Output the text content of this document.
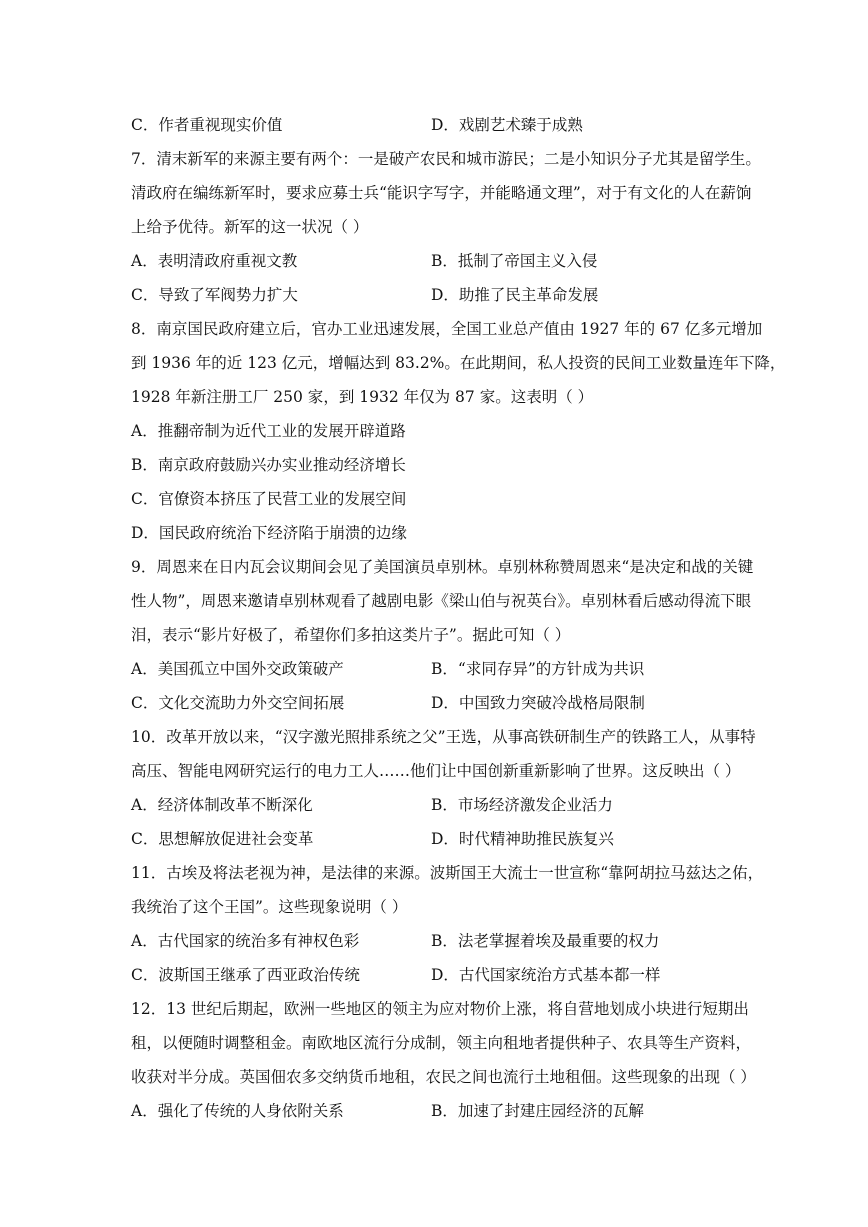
C．作者重视现实价值	D．戏剧艺术臻于成熟
7．清末新军的来源主要有两个：一是破产农民和城市游民；二是小知识分子尤其是留学生。
清政府在编练新军时，要求应募士兵“能识字写字，并能略通文理”，对于有文化的人在薪饷
上给予优待。新军的这一状况（ ）
A．表明清政府重视文教	B．抵制了帝国主义入侵
C．导致了军阀势力扩大	D．助推了民主革命发展
8．南京国民政府建立后，官办工业迅速发展，全国工业总产值由 1927 年的 67 亿多元增加
到 1936 年的近 123 亿元，增幅达到 83.2%。在此期间，私人投资的民间工业数量连年下降，
1928 年新注册工厂 250 家，到 1932 年仅为 87 家。这表明（ ）
A．推翻帝制为近代工业的发展开辟道路
B．南京政府鼓励兴办实业推动经济增长
C．官僚资本挤压了民营工业的发展空间
D．国民政府统治下经济陷于崩溃的边缘
9．周恩来在日内瓦会议期间会见了美国演员卓别林。卓别林称赞周恩来“是决定和战的关键
性人物”，周恩来邀请卓别林观看了越剧电影《梁山伯与祝英台》。卓别林看后感动得流下眼
泪，表示“影片好极了，希望你们多拍这类片子”。据此可知（ ）
A．美国孤立中国外交政策破产	B．“求同存异”的方针成为共识
C．文化交流助力外交空间拓展	D．中国致力突破冷战格局限制
10．改革开放以来，“汉字激光照排系统之父”王选，从事高铁研制生产的铁路工人，从事特
高压、智能电网研究运行的电力工人……他们让中国创新重新影响了世界。这反映出（ ）
A．经济体制改革不断深化	B．市场经济激发企业活力
C．思想解放促进社会变革	D．时代精神助推民族复兴
11．古埃及将法老视为神，是法律的来源。波斯国王大流士一世宣称“靠阿胡拉马兹达之佑，
我统治了这个王国”。这些现象说明（ ）
A．古代国家的统治多有神权色彩	B．法老掌握着埃及最重要的权力
C．波斯国王继承了西亚政治传统	D．古代国家统治方式基本都一样
12．13 世纪后期起，欧洲一些地区的领主为应对物价上涨，将自营地划成小块进行短期出
租，以便随时调整租金。南欧地区流行分成制，领主向租地者提供种子、农具等生产资料，
收获对半分成。英国佃农多交纳货币地租，农民之间也流行土地租佃。这些现象的出现（ ）
A．强化了传统的人身依附关系	B．加速了封建庄园经济的瓦解
